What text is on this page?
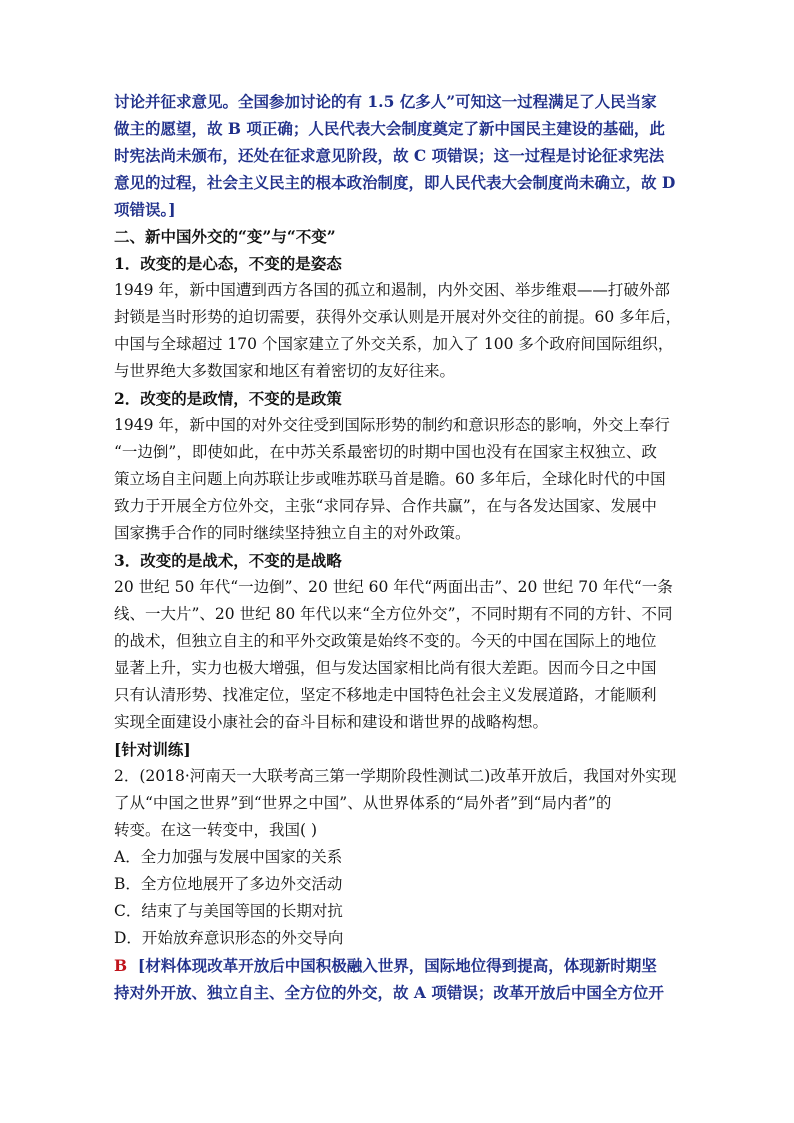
讨论并征求意见。全国参加讨论的有 1.5 亿多人”可知这一过程满足了人民当家
做主的愿望，故 B 项正确；人民代表大会制度奠定了新中国民主建设的基础，此
时宪法尚未颁布，还处在征求意见阶段，故 C 项错误；这一过程是讨论征求宪法
意见的过程，社会主义民主的根本政治制度，即人民代表大会制度尚未确立，故 D
项错误。]
二、新中国外交的“变”与“不变”
1．改变的是心态，不变的是姿态
1949 年，新中国遭到西方各国的孤立和遏制，内外交困、举步维艰——打破外部
封锁是当时形势的迫切需要，获得外交承认则是开展对外交往的前提。60 多年后，
中国与全球超过 170 个国家建立了外交关系，加入了 100 多个政府间国际组织，
与世界绝大多数国家和地区有着密切的友好往来。
2．改变的是政情，不变的是政策
1949 年，新中国的对外交往受到国际形势的制约和意识形态的影响，外交上奉行
“一边倒”，即使如此，在中苏关系最密切的时期中国也没有在国家主权独立、政
策立场自主问题上向苏联让步或唯苏联马首是瞻。60 多年后，全球化时代的中国
致力于开展全方位外交，主张“求同存异、合作共赢”，在与各发达国家、发展中
国家携手合作的同时继续坚持独立自主的对外政策。
3．改变的是战术，不变的是战略
20 世纪 50 年代“一边倒”、20 世纪 60 年代“两面出击”、20 世纪 70 年代“一条
线、一大片”、20 世纪 80 年代以来“全方位外交”，不同时期有不同的方针、不同
的战术，但独立自主的和平外交政策是始终不变的。今天的中国在国际上的地位
显著上升，实力也极大增强，但与发达国家相比尚有很大差距。因而今日之中国
只有认清形势、找准定位，坚定不移地走中国特色社会主义发展道路，才能顺利
实现全面建设小康社会的奋斗目标和建设和谐世界的战略构想。
[针对训练]
2．(2018·河南天一大联考高三第一学期阶段性测试二)改革开放后，我国对外实现
了从“中国之世界”到“世界之中国”、从世界体系的“局外者”到“局内者”的
转变。在这一转变中，我国( )
A．全力加强与发展中国家的关系
B．全方位地展开了多边外交活动
C．结束了与美国等国的长期对抗
D．开始放弃意识形态的外交导向
B  [材料体现改革开放后中国积极融入世界，国际地位得到提高，体现新时期坚
持对外开放、独立自主、全方位的外交，故 A 项错误；改革开放后中国全方位开
